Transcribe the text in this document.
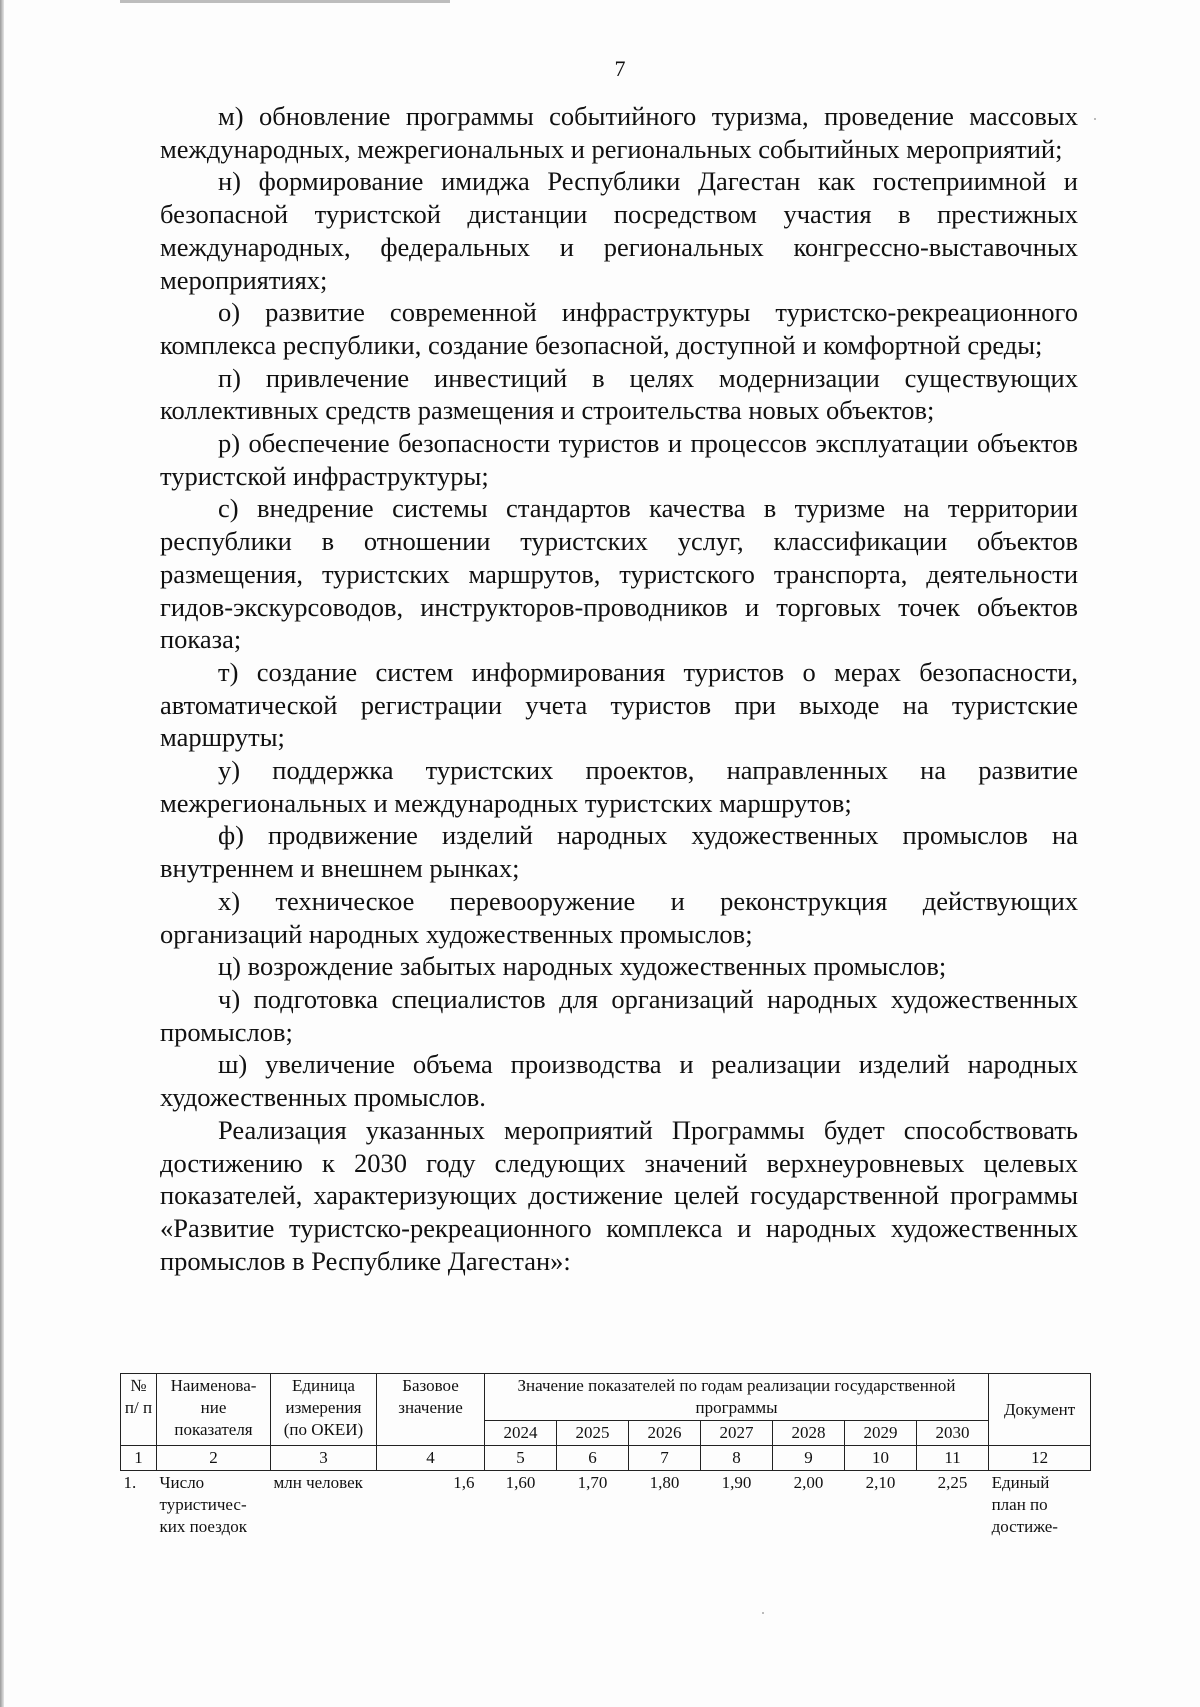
7

м) обновление программы событийного туризма, проведение массовых международных, межрегиональных и региональных событийных мероприятий;

н) формирование имиджа Республики Дагестан как гостеприимной и безопасной туристской дистанции посредством участия в престижных международных, федеральных и региональных конгрессно-выставочных мероприятиях;

о) развитие современной инфраструктуры туристско-рекреационного комплекса республики, создание безопасной, доступной и комфортной среды;

п) привлечение инвестиций в целях модернизации существующих коллективных средств размещения и строительства новых объектов;

р) обеспечение безопасности туристов и процессов эксплуатации объектов туристской инфраструктуры;

с) внедрение системы стандартов качества в туризме на территории республики в отношении туристских услуг, классификации объектов размещения, туристских маршрутов, туристского транспорта, деятельности гидов-экскурсоводов, инструкторов-проводников и торговых точек объектов показа;

т) создание систем информирования туристов о мерах безопасности, автоматической регистрации учета туристов при выходе на туристские маршруты;

у) поддержка туристских проектов, направленных на развитие межрегиональных и международных туристских маршрутов;

ф) продвижение изделий народных художественных промыслов на внутреннем и внешнем рынках;

х) техническое перевооружение и реконструкция действующих организаций народных художественных промыслов;

ц) возрождение забытых народных художественных промыслов;

ч) подготовка специалистов для организаций народных художественных промыслов;

ш) увеличение объема производства и реализации изделий народных художественных промыслов.

Реализация указанных мероприятий Программы будет способствовать достижению к 2030 году следующих значений верхнеуровневых целевых показателей, характеризующих достижение целей государственной программы «Развитие туристско-рекреационного комплекса и народных художественных промыслов в Республике Дагестан»:

№ п/ п	Наименова- ние показателя	Единица измерения (по ОКЕИ)	Базовое значение	Значение показателей по годам реализации государственной программы							Документ
				2024	2025	2026	2027	2028	2029	2030	
1	2	3	4	5	6	7	8	9	10	11	12
1.	Число туристичес- ких поездок	млн человек	1,6	1,60	1,70	1,80	1,90	2,00	2,10	2,25	Единый план по достиже-
